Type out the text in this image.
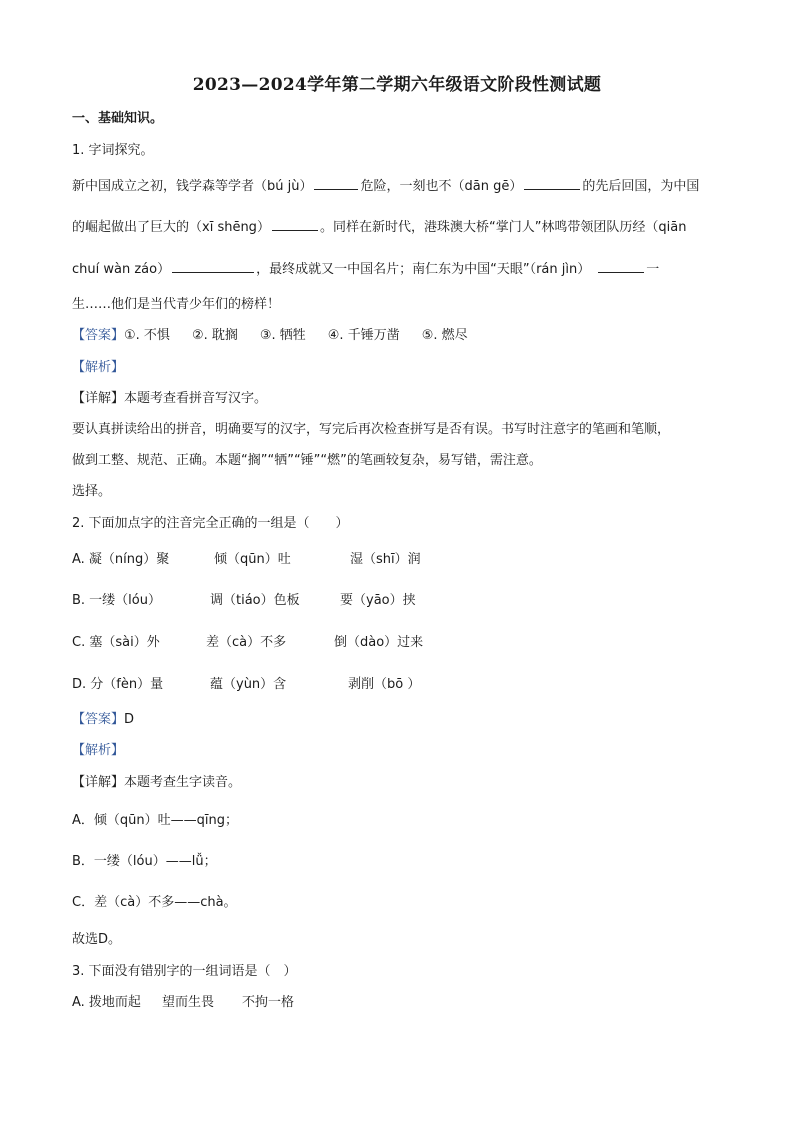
2023—2024学年第二学期六年级语文阶段性测试题
一、基础知识。
1. 字词探究。
新中国成立之初，钱学森等学者（bú jù）	危险，一刻也不（dān gē）	的先后回国，为中国
的崛起做出了巨大的（xī shēng）	。同样在新时代，港珠澳大桥“掌门人”林鸣带领团队历经（qiān
chuí wàn záo）	，最终成就又一中国名片；南仁东为中国“天眼”（rán jìn）	一
生……他们是当代青少年们的榜样！
【答案】①. 不惧 ②. 耽搁 ③. 牺牲 ④. 千锤万凿 ⑤. 燃尽
【解析】
【详解】本题考查看拼音写汉字。
要认真拼读给出的拼音，明确要写的汉字，写完后再次检查拼写是否有误。书写时注意字的笔画和笔顺，
做到工整、规范、正确。本题“搁”“牺”“锤”“燃”的笔画较复杂，易写错，需注意。
选择。
2. 下面加点字的注音完全正确的一组是（　　）
A. 凝（níng）聚	倾（qūn）吐	湿（shī）润
B. 一缕（lóu）	调（tiáo）色板	要（yāo）挟
C. 塞（sài）外	差（cà）不多	倒（dào）过来
D. 分（fèn）量	蕴（yùn）含	剥削（bō ）
【答案】D
【解析】
【详解】本题考查生字读音。
A．倾（qūn）吐——qīng；
B．一缕（lóu）——lǚ；
C．差（cà）不多——chà。
故选D。
3. 下面没有错别字的一组词语是（　）
A. 拨地而起 望而生畏 不拘一格
